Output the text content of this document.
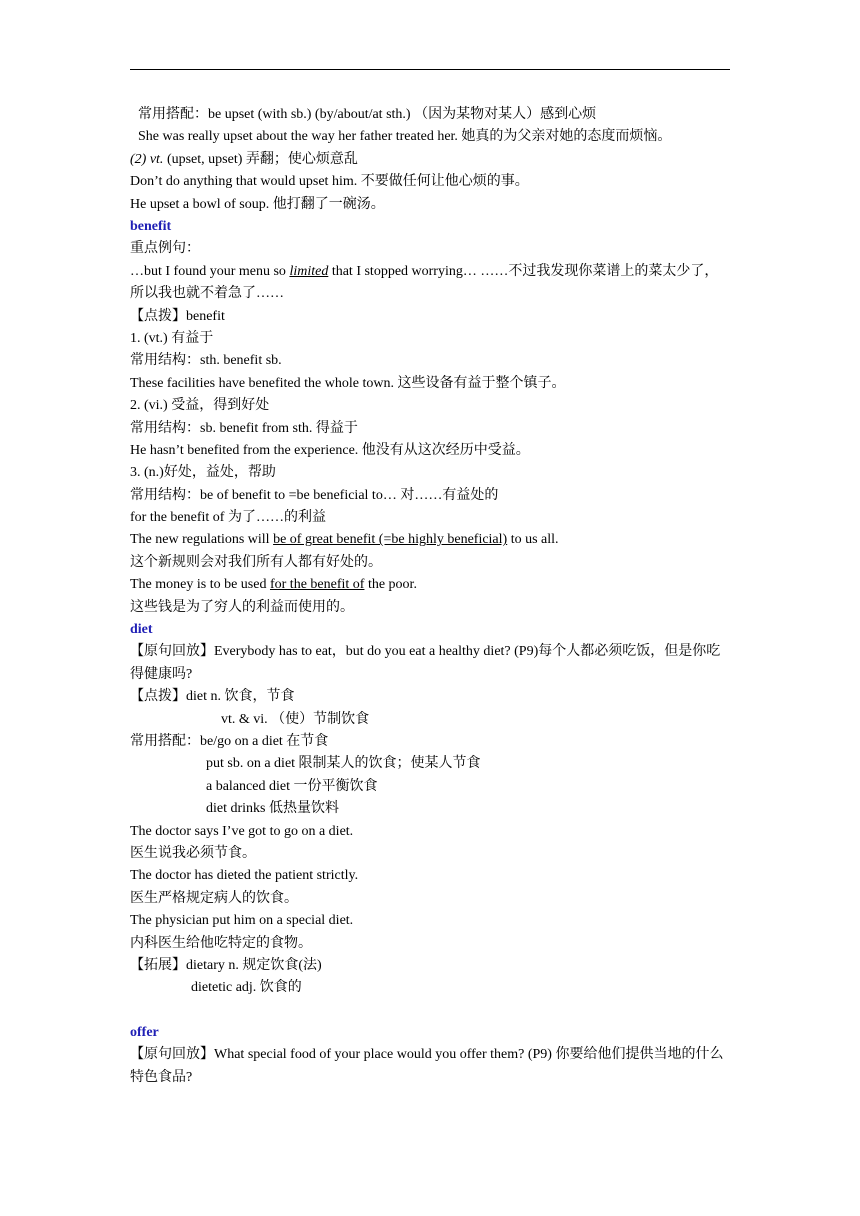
常用搭配：be upset (with sb.) (by/about/at sth.) （因为某物对某人）感到心烦
She was really upset about the way her father treated her. 她真的为父亲对她的态度而烦恼。
(2) vt. (upset, upset) 弄翻；使心烦意乱
Don’t do anything that would upset him. 不要做任何让他心烦的事。
He upset a bowl of soup. 他打翻了一碗汤。
benefit
重点例句：
…but I found your menu so limited that I stopped worrying… ……不过我发现你菜谱上的菜太少了，所以我也就不着急了……
【点拨】benefit
1. (vt.) 有益于
常用结构：sth. benefit sb.
These facilities have benefited the whole town. 这些设备有益于整个镇子。
2. (vi.) 受益，得到好处
常用结构：sb. benefit from sth. 得益于
He hasn’t benefited from the experience. 他没有从这次经历中受益。
3. (n.)好处，益处，帮助
常用结构：be of benefit to =be beneficial to… 对……有益处的
for the benefit of 为了……的利益
The new regulations will be of great benefit (=be highly beneficial) to us all.
这个新规则会对我们所有人都有好处的。
The money is to be used for the benefit of the poor.
这些钱是为了穷人的利益而使用的。
diet
【原句回放】Everybody has to eat，but do you eat a healthy diet? (P9)每个人都必须吃饭，但是你吃得健康吗?
【点拨】diet n. 饮食，节食
vt. & vi. （使）节制饮食
常用搭配：be/go on a diet 在节食
put sb. on a diet 限制某人的饮食；使某人节食
a balanced diet 一份平衡饮食
diet drinks 低热量饮料
The doctor says I’ve got to go on a diet.
医生说我必须节食。
The doctor has dieted the patient strictly.
医生严格规定病人的饮食。
The physician put him on a special diet.
内科医生给他吃特定的食物。
【拓展】dietary n. 规定饮食(法)
dietetic adj. 饮食的
offer
【原句回放】What special food of your place would you offer them? (P9) 你要给他们提供当地的什么特色食品?
